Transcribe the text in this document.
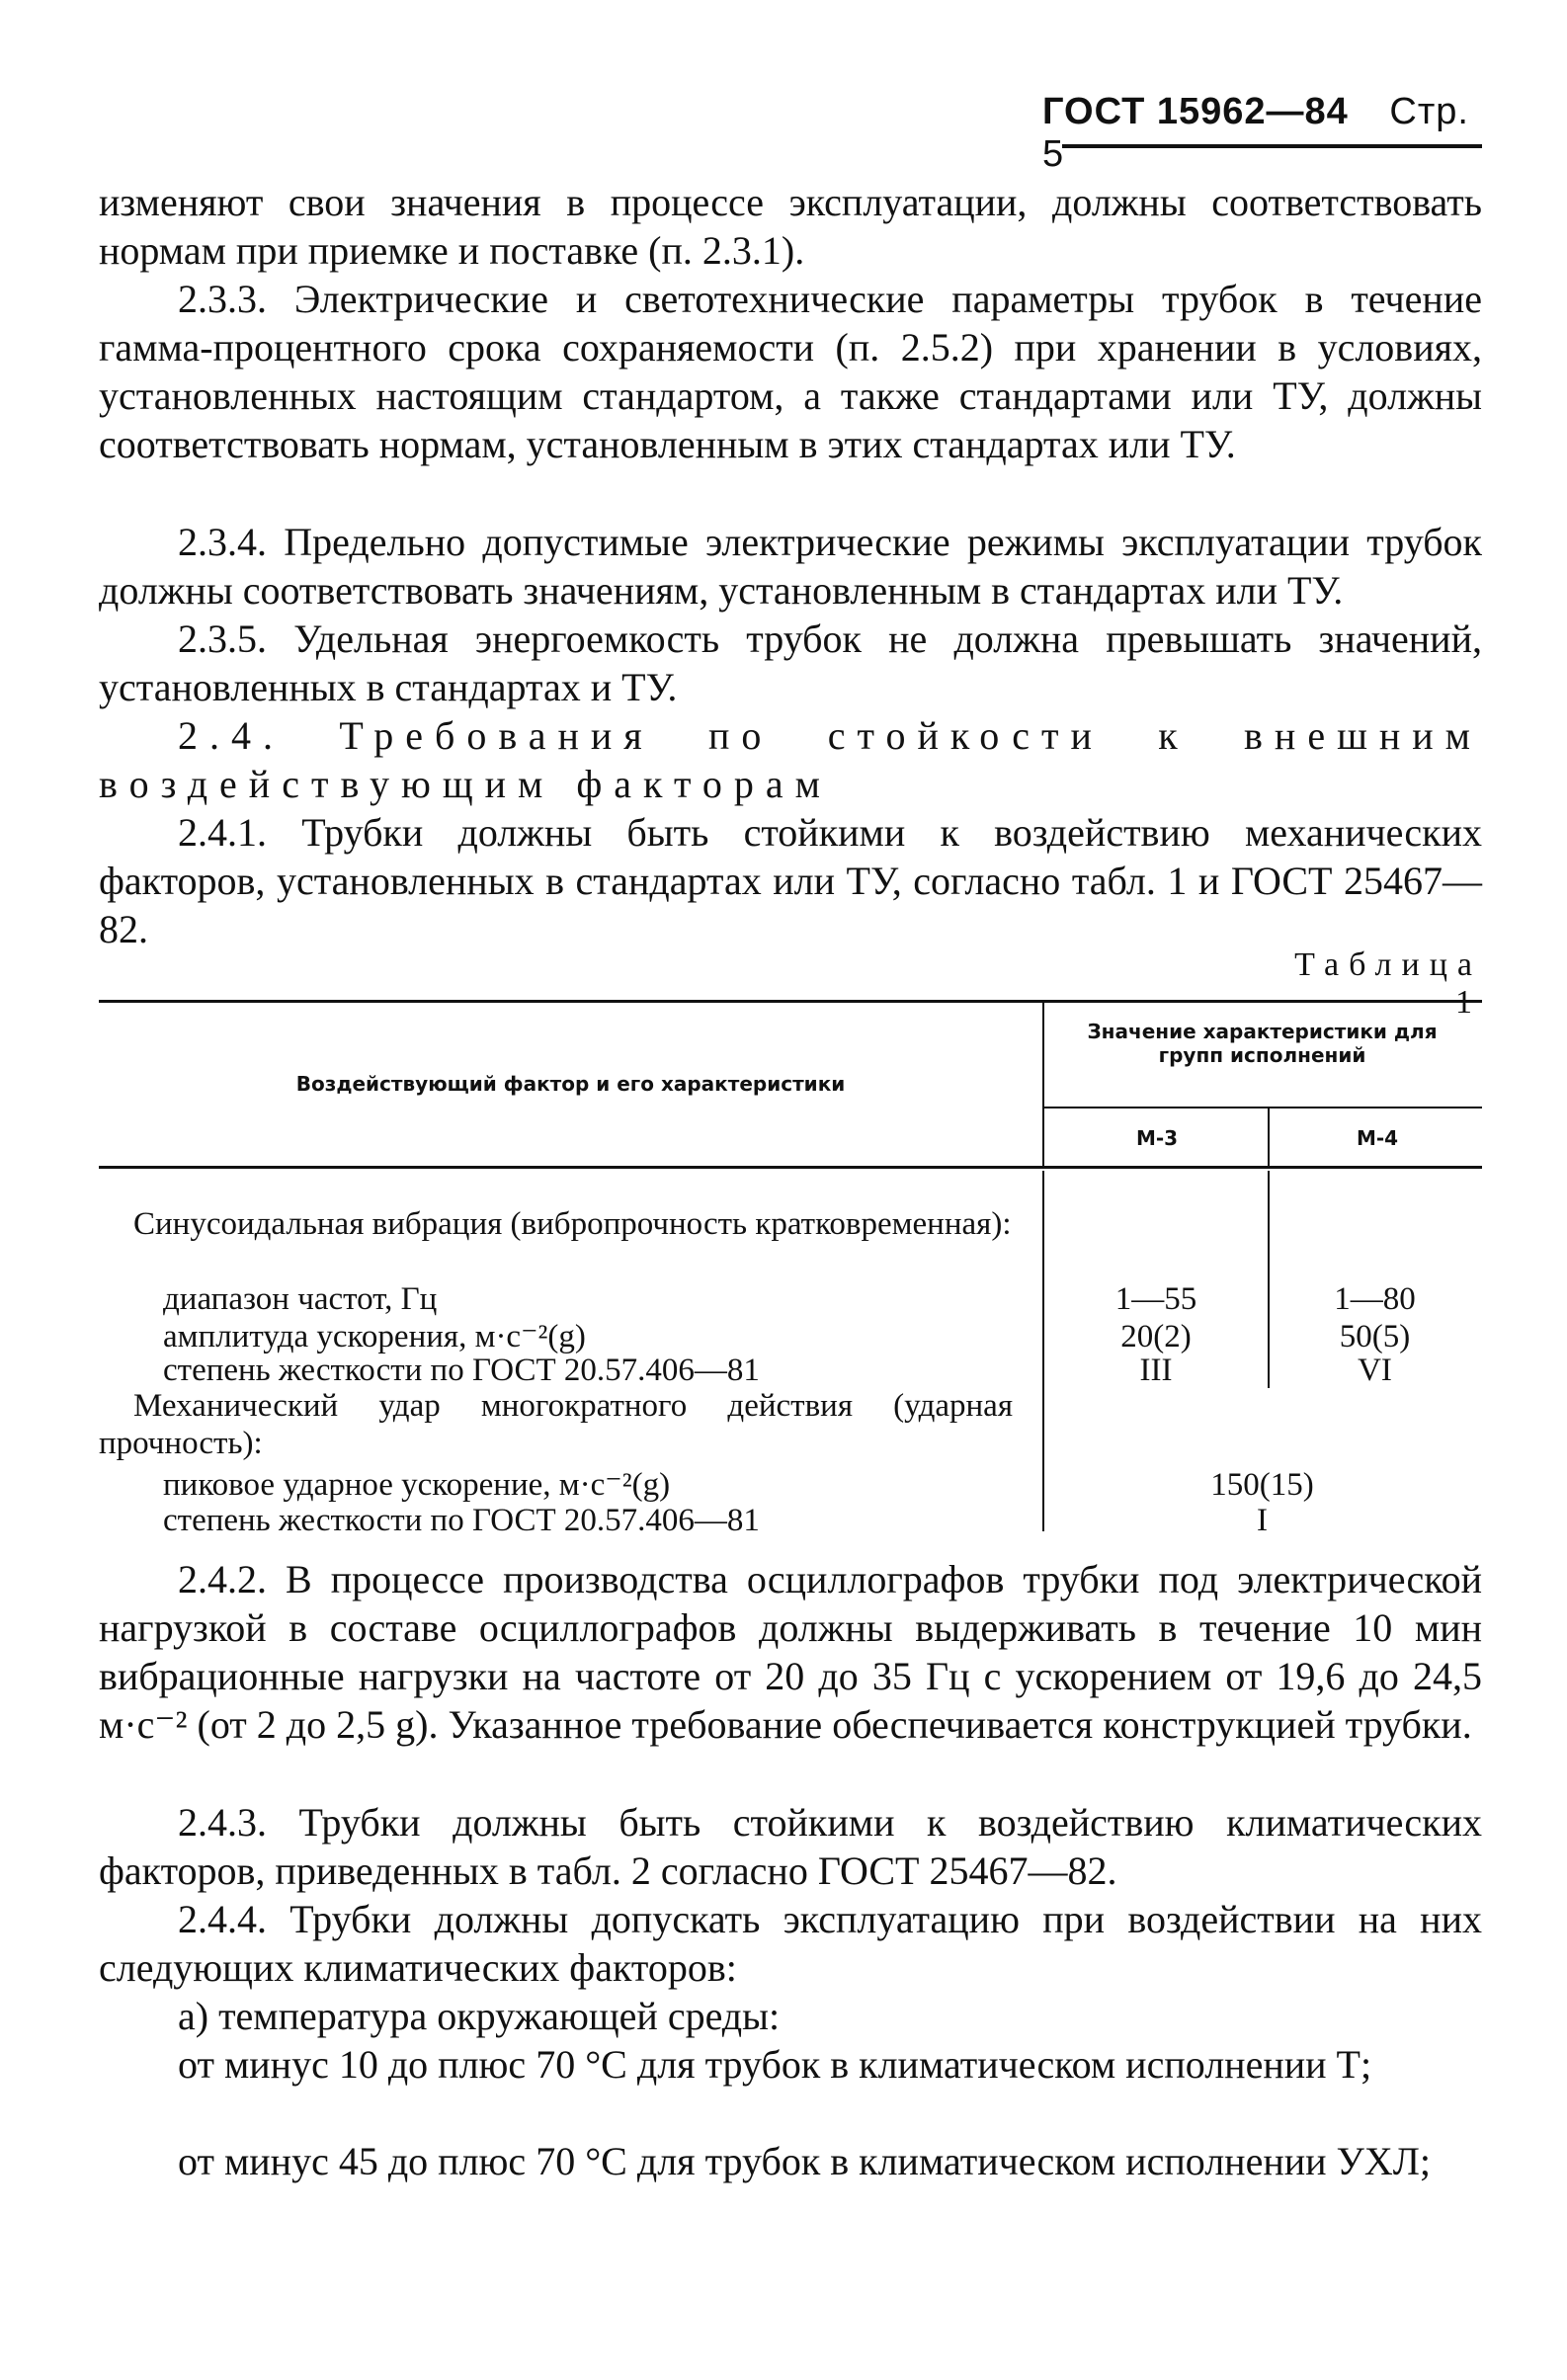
ГОСТ 15962—84 Стр. 5

изменяют свои значения в процессе эксплуатации, должны соответствовать нормам при приемке и поставке (п. 2.3.1).

2.3.3. Электрические и светотехнические параметры трубок в течение гамма-процентного срока сохраняемости (п. 2.5.2) при хранении в условиях, установленных настоящим стандартом, а также стандартами или ТУ, должны соответствовать нормам, установленным в этих стандартах или ТУ.

2.3.4. Предельно допустимые электрические режимы эксплуатации трубок должны соответствовать значениям, установленным в стандартах или ТУ.

2.3.5. Удельная энергоемкость трубок не должна превышать значений, установленных в стандартах и ТУ.

2.4. Требования по стойкости к внешним воздействующим факторам

2.4.1. Трубки должны быть стойкими к воздействию механических факторов, установленных в стандартах или ТУ, согласно табл. 1 и ГОСТ 25467—82.

Таблица 1
Воздействующий фактор и его характеристики
Значение характеристики для групп исполнений
М-3	М-4
Синусоидальная вибрация (вибропрочность кратковременная):
диапазон частот, Гц	1—55	1—80
амплитуда ускорения, м·с⁻²(g)	20(2)	50(5)
степень жесткости по ГОСТ 20.57.406—81	III	VI
Механический удар многократного действия (ударная прочность):
пиковое ударное ускорение, м·с⁻²(g)	150(15)
степень жесткости по ГОСТ 20.57.406—81	I

2.4.2. В процессе производства осциллографов трубки под электрической нагрузкой в составе осциллографов должны выдерживать в течение 10 мин вибрационные нагрузки на частоте от 20 до 35 Гц с ускорением от 19,6 до 24,5 м·с⁻² (от 2 до 2,5 g). Указанное требование обеспечивается конструкцией трубки.

2.4.3. Трубки должны быть стойкими к воздействию климатических факторов, приведенных в табл. 2 согласно ГОСТ 25467—82.

2.4.4. Трубки должны допускать эксплуатацию при воздействии на них следующих климатических факторов:

а) температура окружающей среды:

от минус 10 до плюс 70 °С для трубок в климатическом исполнении Т;

от минус 45 до плюс 70 °С для трубок в климатическом исполнении УХЛ;
